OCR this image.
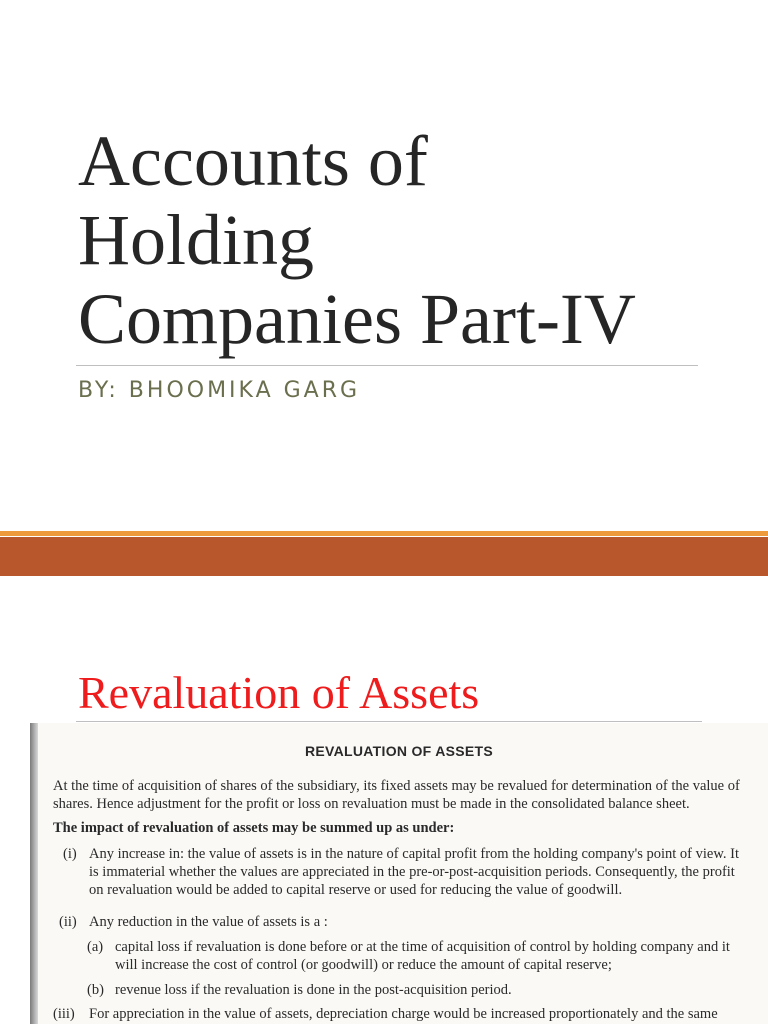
Accounts of
Holding
Companies Part-IV
BY: BHOOMIKA GARG
Revaluation of Assets
REVALUATION OF ASSETS
At the time of acquisition of shares of the subsidiary, its fixed assets may be revalued for determination of the value of shares. Hence adjustment for the profit or loss on revaluation must be made in the consolidated balance sheet.
The impact of revaluation of assets may be summed up as under:
(i) Any increase in: the value of assets is in the nature of capital profit from the holding company's point of view. It is immaterial whether the values are appreciated in the pre-or-post-acquisition periods. Consequently, the profit on revaluation would be added to capital reserve or used for reducing the value of goodwill.
(ii) Any reduction in the value of assets is a :
(a) capital loss if revaluation is done before or at the time of acquisition of control by holding company and it will increase the cost of control (or goodwill) or reduce the amount of capital reserve;
(b) revenue loss if the revaluation is done in the post-acquisition period.
(iii) For appreciation in the value of assets, depreciation charge would be increased proportionately and the same
